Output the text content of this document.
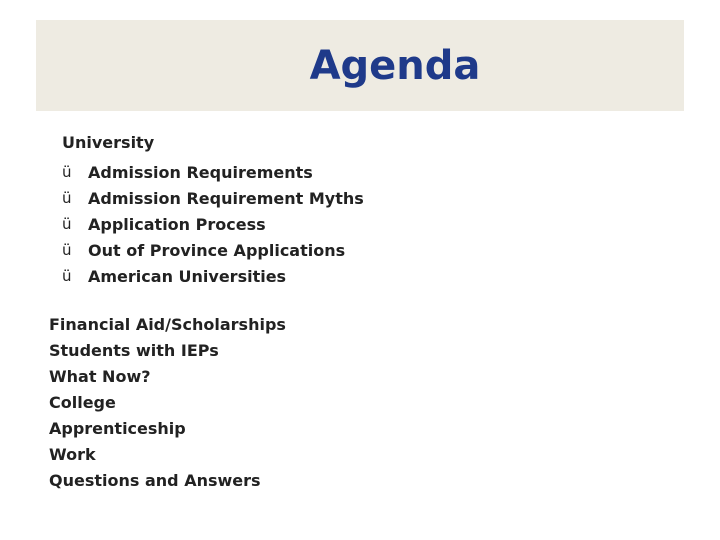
Agenda
University
ü	Admission Requirements
ü	Admission Requirement Myths
ü	Application Process
ü	Out of Province Applications
ü	American Universities
Financial Aid/Scholarships
Students with IEPs
What Now?
College
Apprenticeship
Work
Questions and Answers
